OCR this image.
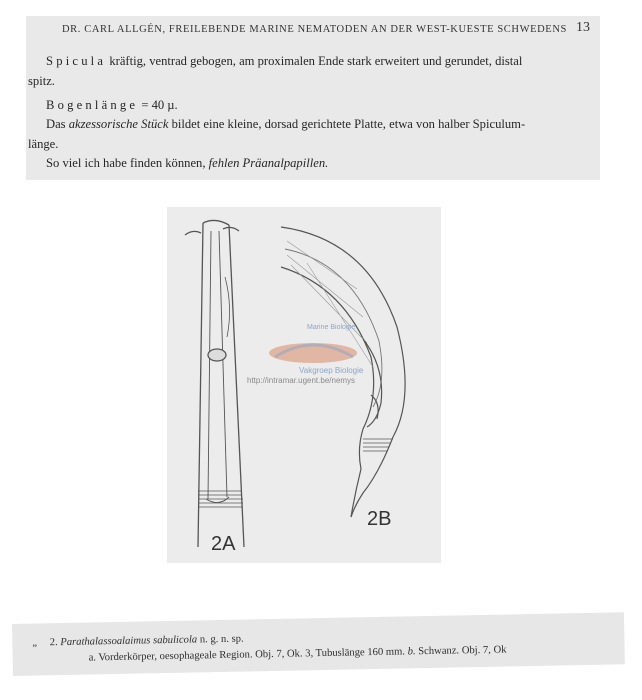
DR. CARL ALLGÉN, FREILEBENDE MARINE NEMATODEN AN DER WEST-KUESTE SCHWEDENS 13
Spicula kräftig, ventrad gebogen, am proximalen Ende stark erweitert und gerundet, distal
spitz.
Bogenlänge = 40 µ.
Das akzessorische Stück bildet eine kleine, dorsad gerichtete Platte, etwa von halber Spiculum-
länge.
So viel ich habe finden können, fehlen Präanalpapillen.
Marine Biologie
Vakgroep Biologie
http://intramar.ugent.be/nemys
2A
2B
„ 2. Parathalassoalaimus sabulicola n. g. n. sp.
a. Vorderkörper, oesophageale Region. Obj. 7, Ok. 3, Tubuslänge 160 mm. b. Schwanz. Obj. 7, Ok
